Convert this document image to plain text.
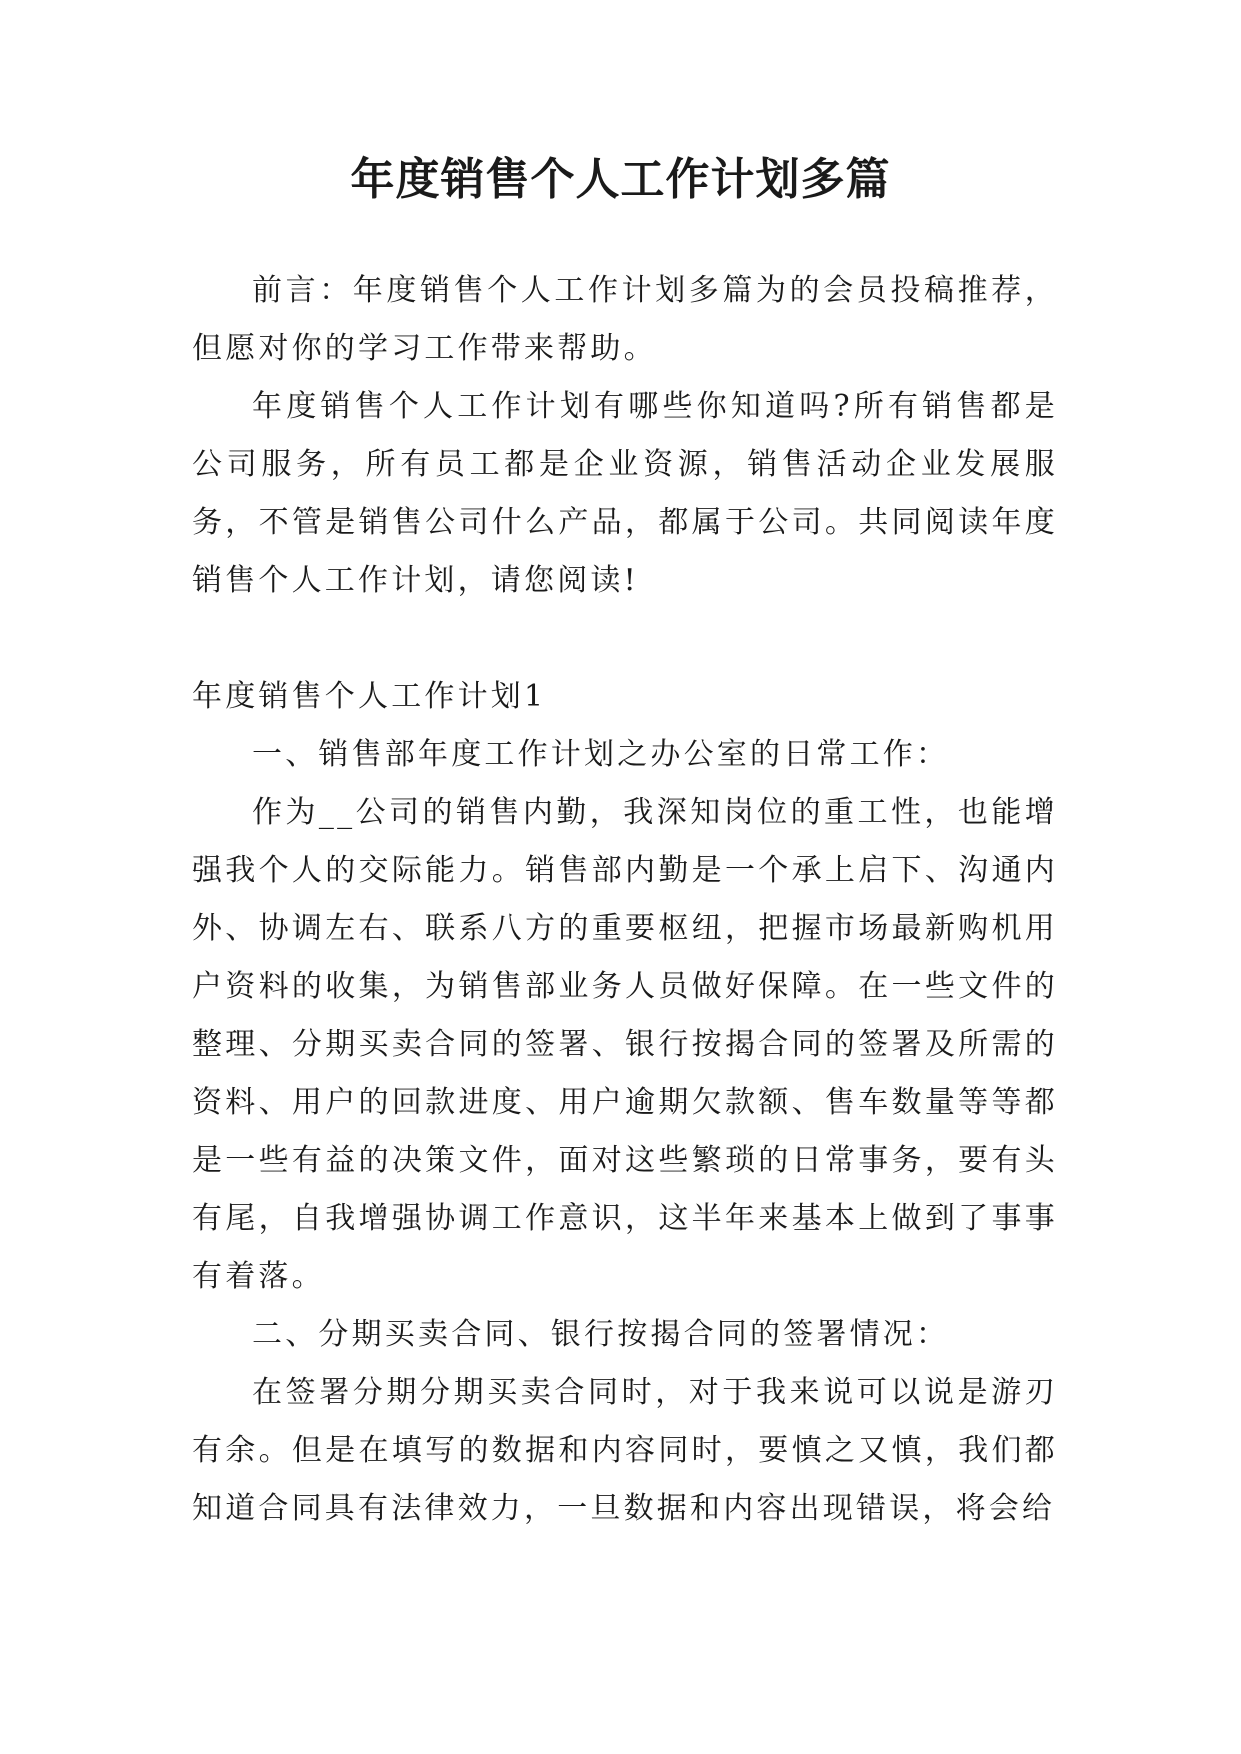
年度销售个人工作计划多篇

前言：年度销售个人工作计划多篇为的会员投稿推荐，但愿对你的学习工作带来帮助。

年度销售个人工作计划有哪些你知道吗?所有销售都是公司服务，所有员工都是企业资源，销售活动企业发展服务，不管是销售公司什么产品，都属于公司。共同阅读年度销售个人工作计划，请您阅读!

年度销售个人工作计划1

一、销售部年度工作计划之办公室的日常工作：

作为__公司的销售内勤，我深知岗位的重工性，也能增强我个人的交际能力。销售部内勤是一个承上启下、沟通内外、协调左右、联系八方的重要枢纽，把握市场最新购机用户资料的收集，为销售部业务人员做好保障。在一些文件的整理、分期买卖合同的签署、银行按揭合同的签署及所需的资料、用户的回款进度、用户逾期欠款额、售车数量等等都是一些有益的决策文件，面对这些繁琐的日常事务，要有头有尾，自我增强协调工作意识，这半年来基本上做到了事事有着落。

二、分期买卖合同、银行按揭合同的签署情况：

在签署分期分期买卖合同时，对于我来说可以说是游刃有余。但是在填写的数据和内容同时，要慎之又慎，我们都知道合同具有法律效力，一旦数据和内容出现错误，将会给
